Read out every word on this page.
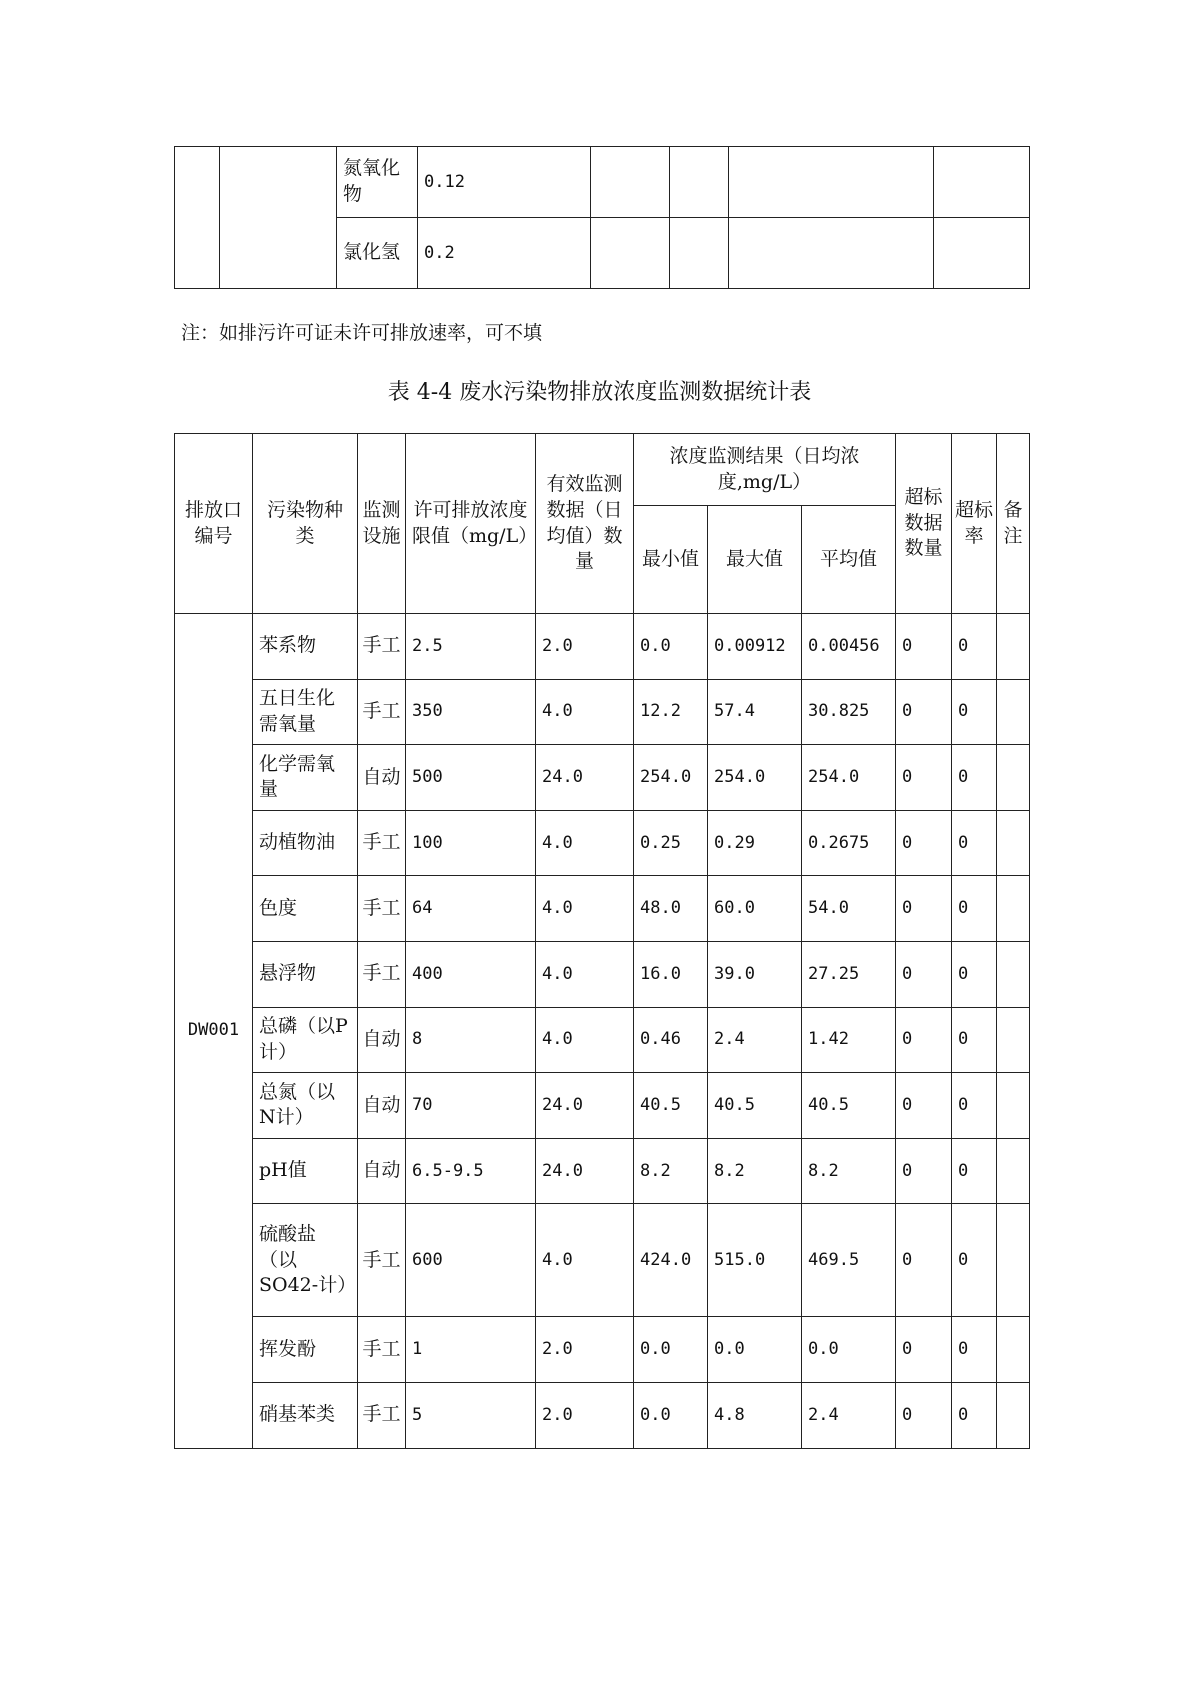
		氮氧化物	0.12				
		氯化氢	0.2				
注：如排污许可证未许可排放速率，可不填
表 4-4 废水污染物排放浓度监测数据统计表
排放口编号	污染物种类	监测设施	许可排放浓度限值（mg/L）	有效监测数据（日均值）数量	浓度监测结果（日均浓度,mg/L）			超标数据数量	超标率	备注
					最小值	最大值	平均值			
DW001	苯系物	手工	2.5	2.0	0.0	0.00912	0.00456	0	0	
	五日生化需氧量	手工	350	4.0	12.2	57.4	30.825	0	0	
	化学需氧量	自动	500	24.0	254.0	254.0	254.0	0	0	
	动植物油	手工	100	4.0	0.25	0.29	0.2675	0	0	
	色度	手工	64	4.0	48.0	60.0	54.0	0	0	
	悬浮物	手工	400	4.0	16.0	39.0	27.25	0	0	
	总磷（以P计）	自动	8	4.0	0.46	2.4	1.42	0	0	
	总氮（以N计）	自动	70	24.0	40.5	40.5	40.5	0	0	
	pH值	自动	6.5-9.5	24.0	8.2	8.2	8.2	0	0	
	硫酸盐（以SO42-计）	手工	600	4.0	424.0	515.0	469.5	0	0	
	挥发酚	手工	1	2.0	0.0	0.0	0.0	0	0	
	硝基苯类	手工	5	2.0	0.0	4.8	2.4	0	0	
